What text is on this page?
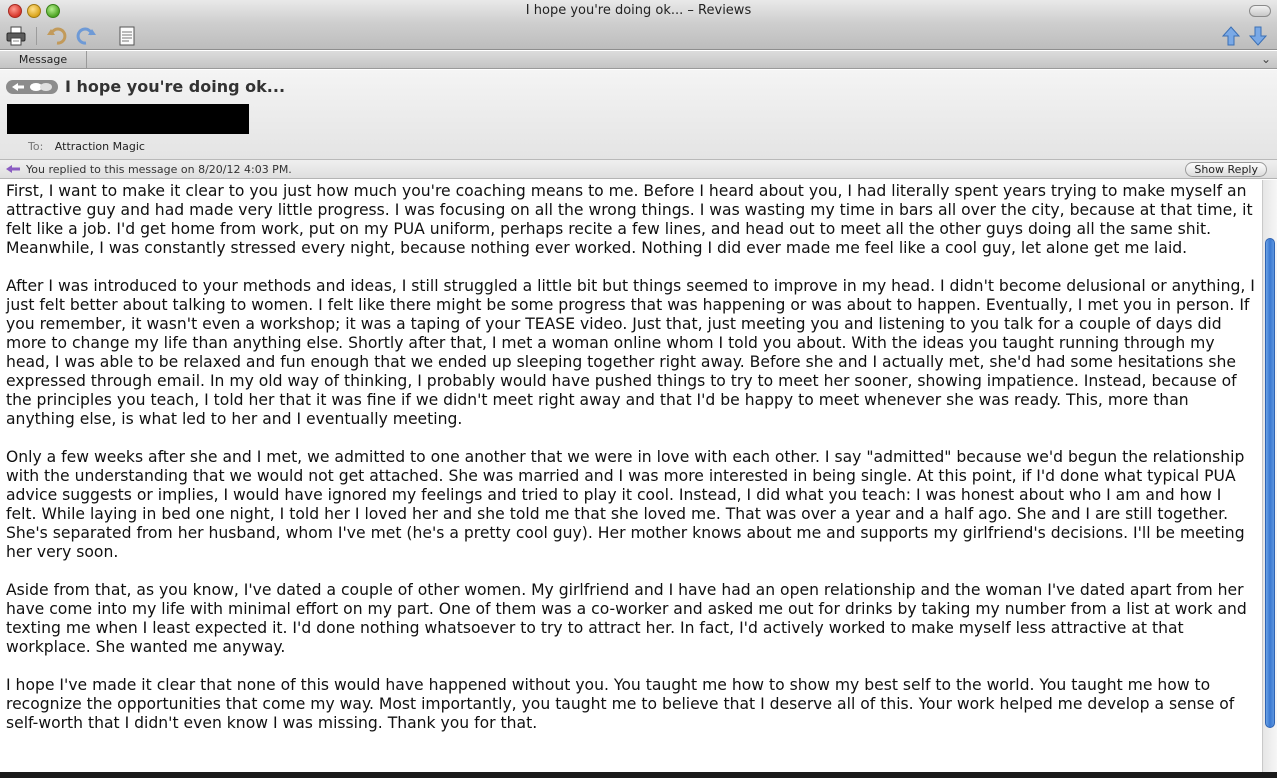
I hope you're doing ok... – Reviews
Message	⌄
I hope you're doing ok...
To: Attraction Magic
You replied to this message on 8/20/12 4:03 PM.	Show Reply

First, I want to make it clear to you just how much you're coaching means to me. Before I heard about you, I had literally spent years trying to make myself an attractive guy and had made very little progress. I was focusing on all the wrong things. I was wasting my time in bars all over the city, because at that time, it felt like a job. I'd get home from work, put on my PUA uniform, perhaps recite a few lines, and head out to meet all the other guys doing all the same shit. Meanwhile, I was constantly stressed every night, because nothing ever worked. Nothing I did ever made me feel like a cool guy, let alone get me laid.

After I was introduced to your methods and ideas, I still struggled a little bit but things seemed to improve in my head. I didn't become delusional or anything, I just felt better about talking to women. I felt like there might be some progress that was happening or was about to happen. Eventually, I met you in person. If you remember, it wasn't even a workshop; it was a taping of your TEASE video. Just that, just meeting you and listening to you talk for a couple of days did more to change my life than anything else. Shortly after that, I met a woman online whom I told you about. With the ideas you taught running through my head, I was able to be relaxed and fun enough that we ended up sleeping together right away. Before she and I actually met, she'd had some hesitations she expressed through email. In my old way of thinking, I probably would have pushed things to try to meet her sooner, showing impatience. Instead, because of the principles you teach, I told her that it was fine if we didn't meet right away and that I'd be happy to meet whenever she was ready. This, more than anything else, is what led to her and I eventually meeting.

Only a few weeks after she and I met, we admitted to one another that we were in love with each other. I say "admitted" because we'd begun the relationship with the understanding that we would not get attached. She was married and I was more interested in being single. At this point, if I'd done what typical PUA advice suggests or implies, I would have ignored my feelings and tried to play it cool. Instead, I did what you teach: I was honest about who I am and how I felt. While laying in bed one night, I told her I loved her and she told me that she loved me. That was over a year and a half ago. She and I are still together. She's separated from her husband, whom I've met (he's a pretty cool guy). Her mother knows about me and supports my girlfriend's decisions. I'll be meeting her very soon.

Aside from that, as you know, I've dated a couple of other women. My girlfriend and I have had an open relationship and the woman I've dated apart from her have come into my life with minimal effort on my part. One of them was a co-worker and asked me out for drinks by taking my number from a list at work and texting me when I least expected it. I'd done nothing whatsoever to try to attract her. In fact, I'd actively worked to make myself less attractive at that workplace. She wanted me anyway.

I hope I've made it clear that none of this would have happened without you. You taught me how to show my best self to the world. You taught me how to recognize the opportunities that come my way. Most importantly, you taught me to believe that I deserve all of this. Your work helped me develop a sense of self-worth that I didn't even know I was missing. Thank you for that.
